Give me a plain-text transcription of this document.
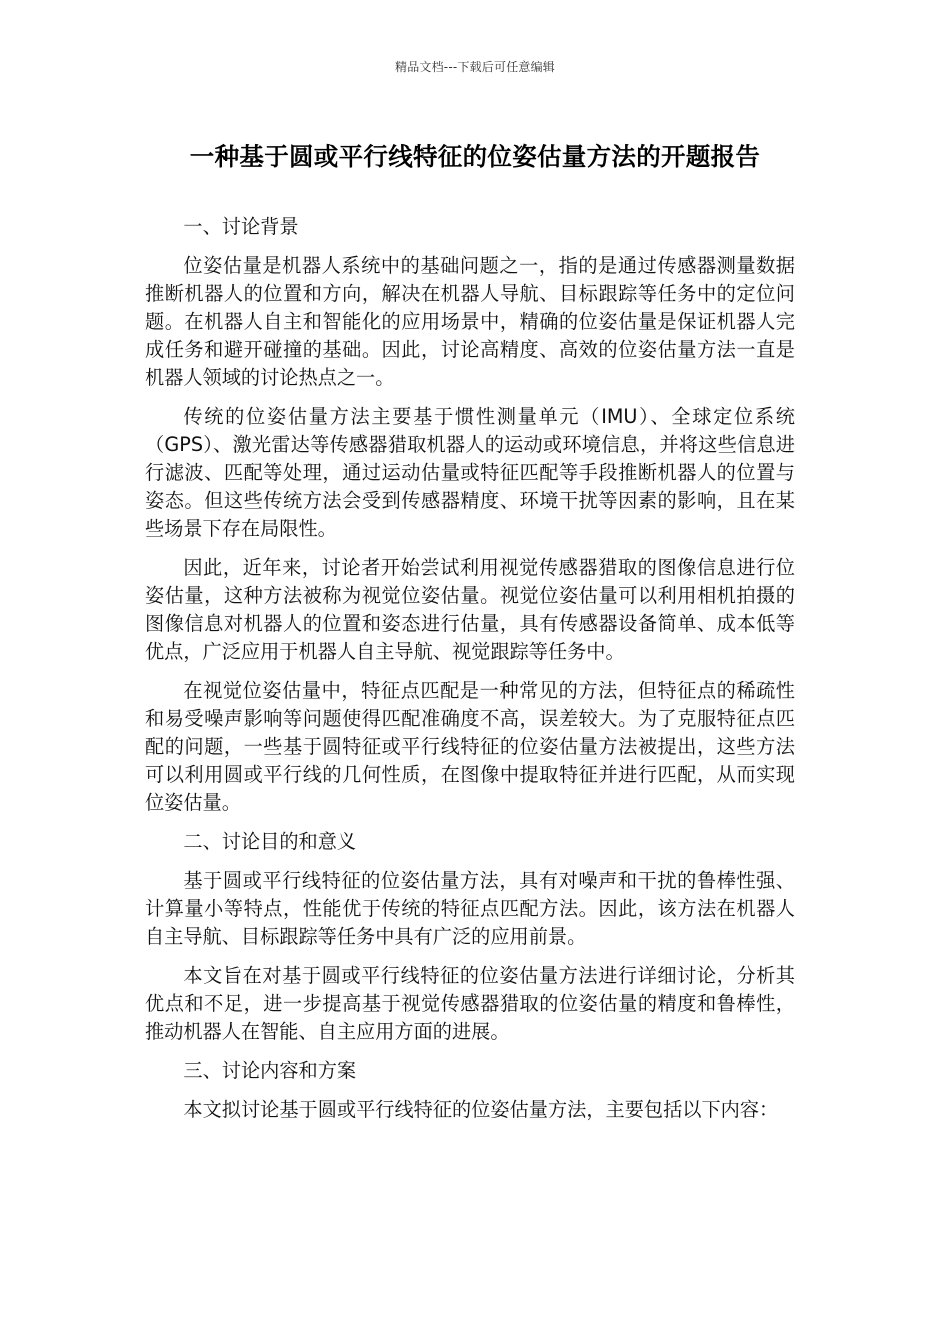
精品文档---下载后可任意编辑
一种基于圆或平行线特征的位姿估量方法的开题报告

一、讨论背景

位姿估量是机器人系统中的基础问题之一，指的是通过传感器测量数据推断机器人的位置和方向，解决在机器人导航、目标跟踪等任务中的定位问题。在机器人自主和智能化的应用场景中，精确的位姿估量是保证机器人完成任务和避开碰撞的基础。因此，讨论高精度、高效的位姿估量方法一直是机器人领域的讨论热点之一。

传统的位姿估量方法主要基于惯性测量单元（IMU）、全球定位系统（GPS）、激光雷达等传感器猎取机器人的运动或环境信息，并将这些信息进行滤波、匹配等处理，通过运动估量或特征匹配等手段推断机器人的位置与姿态。但这些传统方法会受到传感器精度、环境干扰等因素的影响，且在某些场景下存在局限性。

因此，近年来，讨论者开始尝试利用视觉传感器猎取的图像信息进行位姿估量，这种方法被称为视觉位姿估量。视觉位姿估量可以利用相机拍摄的图像信息对机器人的位置和姿态进行估量，具有传感器设备简单、成本低等优点，广泛应用于机器人自主导航、视觉跟踪等任务中。

在视觉位姿估量中，特征点匹配是一种常见的方法，但特征点的稀疏性和易受噪声影响等问题使得匹配准确度不高，误差较大。为了克服特征点匹配的问题，一些基于圆特征或平行线特征的位姿估量方法被提出，这些方法可以利用圆或平行线的几何性质，在图像中提取特征并进行匹配，从而实现位姿估量。

二、讨论目的和意义

基于圆或平行线特征的位姿估量方法，具有对噪声和干扰的鲁棒性强、计算量小等特点，性能优于传统的特征点匹配方法。因此，该方法在机器人自主导航、目标跟踪等任务中具有广泛的应用前景。

本文旨在对基于圆或平行线特征的位姿估量方法进行详细讨论，分析其优点和不足，进一步提高基于视觉传感器猎取的位姿估量的精度和鲁棒性，推动机器人在智能、自主应用方面的进展。

三、讨论内容和方案

本文拟讨论基于圆或平行线特征的位姿估量方法，主要包括以下内容：
